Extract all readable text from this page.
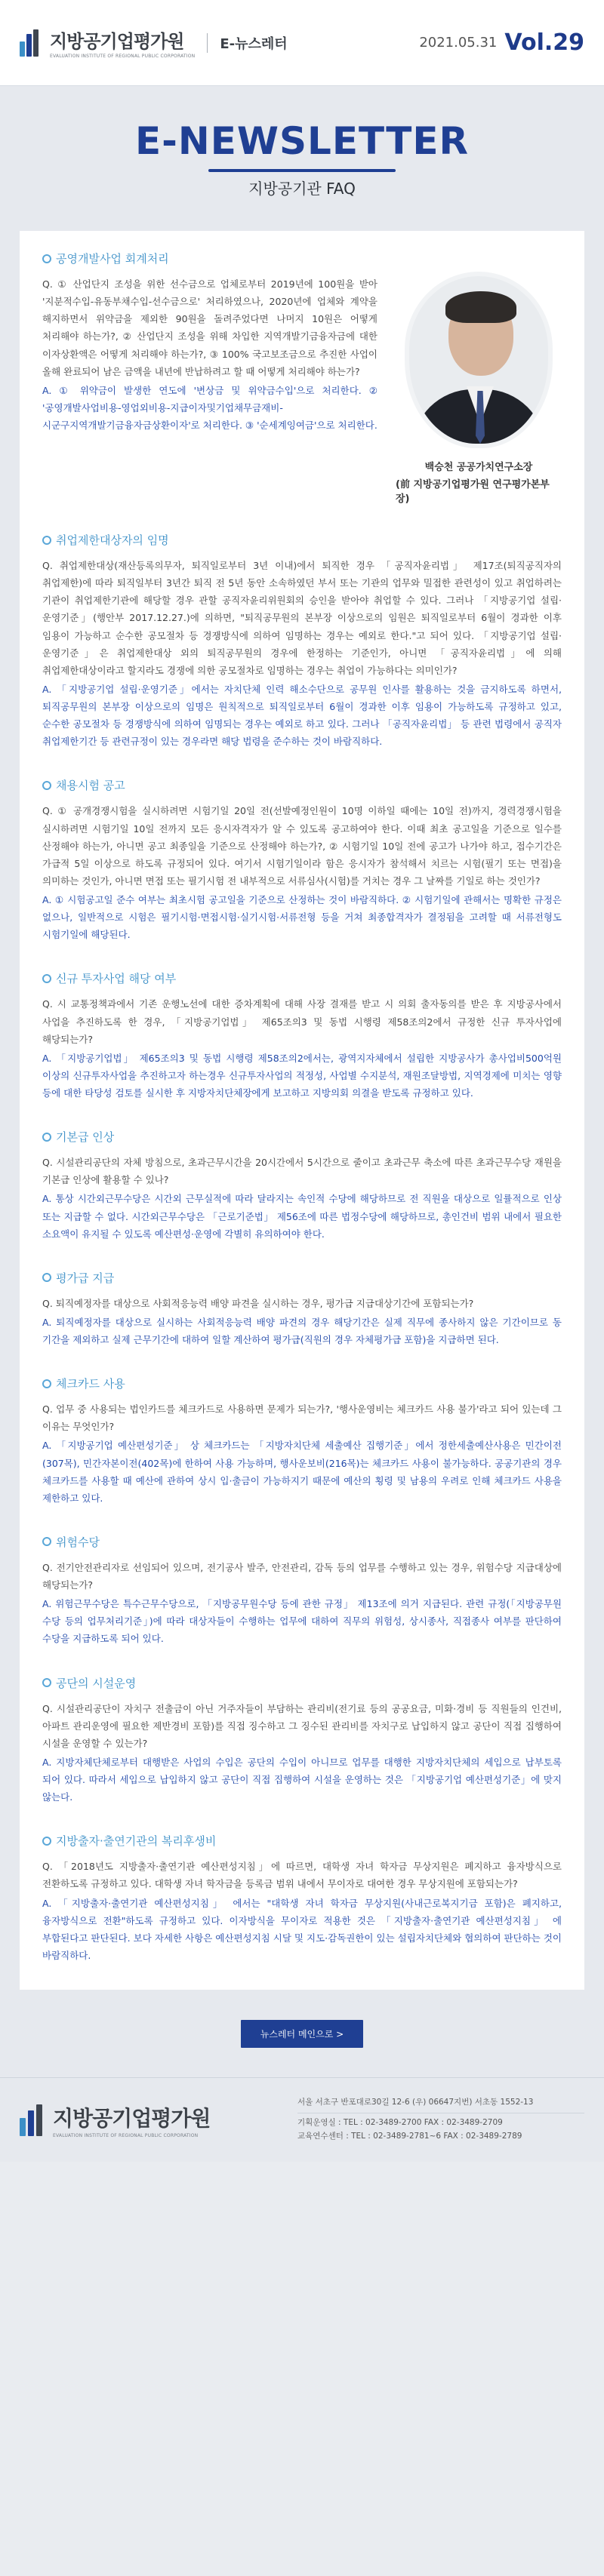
지방공기업평가원
EVALUATION INSTITUTE OF REGIONAL PUBLIC CORPORATION
E-뉴스레터	2021.05.31 Vol.29
E-NEWSLETTER
지방공기관 FAQ
공영개발사업 회계처리

Q. ① 산업단지 조성을 위한 선수금으로 업체로부터 2019년에 100원을 받아 '지분적수입-유동부채수입-선수금으로' 처리하였으나, 2020년에 업체와 계약을 해지하면서 위약금을 제외한 90원을 돌려주었다면 나머지 10원은 어떻게 처리해야 하는가?, ② 산업단지 조성을 위해 차입한 지역개발기금융자금에 대한 이자상환액은 어떻게 처리해야 하는가?, ③ 100% 국고보조금으로 추진한 사업이 올해 완료되어 남은 금액을 내년에 반납하려고 할 때 어떻게 처리해야 하는가?

A. ① 위약금이 발생한 연도에 '변상금 및 위약금수입'으로 처리한다. ② '공영개발사업비용-영업외비용-지급이자및기업채무금재비-시군구지역개발기금융자금상환이자'로 처리한다. ③ '순세계잉여금'으로 처리한다.

백승천 공공가치연구소장
(前 지방공기업평가원 연구평가본부장)
취업제한대상자의 임명

Q. 취업제한대상(재산등록의무자, 퇴직일로부터 3년 이내)에서 퇴직한 경우 「공직자윤리법」 제17조(퇴직공직자의 취업제한)에 따라 퇴직일부터 3년간 퇴직 전 5년 동안 소속하였던 부서 또는 기관의 업무와 밀접한 관련성이 있고 취업하려는 기관이 취업제한기관에 해당할 경우 관할 공직자윤리위원회의 승인을 받아야 취업할 수 있다. 그러나 「지방공기업 설립·운영기준」(행안부 2017.12.27.)에 의하면, "퇴직공무원의 본부장 이상으로의 임원은 퇴직일로부터 6월이 경과한 이후 임용이 가능하고 순수한 공모절차 등 경쟁방식에 의하여 임명하는 경우는 예외로 한다."고 되어 있다. 「지방공기업 설립·운영기준」은 취업제한대상 외의 퇴직공무원의 경우에 한정하는 기준인가, 아니면 「공직자윤리법」에 의해 취업제한대상이라고 할지라도 경쟁에 의한 공모절차로 임명하는 경우는 취업이 가능하다는 의미인가?

A. 「지방공기업 설립·운영기준」에서는 자치단체 인력 해소수단으로 공무원 인사를 활용하는 것을 금지하도록 하면서, 퇴직공무원의 본부장 이상으로의 임명은 원칙적으로 퇴직일로부터 6월이 경과한 이후 임용이 가능하도록 규정하고 있고, 순수한 공모절차 등 경쟁방식에 의하여 임명되는 경우는 예외로 하고 있다. 그러나 「공직자윤리법」 등 관련 법령에서 공직자 취업제한기간 등 관련규정이 있는 경우라면 해당 법령을 준수하는 것이 바람직하다.

채용시험 공고

Q. ① 공개경쟁시험을 실시하려면 시험기일 20일 전(선발예정인원이 10명 이하일 때에는 10일 전)까지, 경력경쟁시험을 실시하려면 시험기일 10일 전까지 모든 응시자격자가 알 수 있도록 공고하여야 한다. 이때 최초 공고일을 기준으로 일수를 산정해야 하는가, 아니면 공고 최종일을 기준으로 산정해야 하는가?, ② 시험기일 10일 전에 공고가 나가야 하고, 접수기간은 가급적 5일 이상으로 하도록 규정되어 있다. 여기서 시험기일이라 함은 응시자가 참석해서 치르는 시험(필기 또는 면접)을 의미하는 것인가, 아니면 면접 또는 필기시험 전 내부적으로 서류심사(시험)를 거치는 경우 그 날짜를 기일로 하는 것인가?

A. ① 시험공고일 준수 여부는 최초시험 공고일을 기준으로 산정하는 것이 바람직하다. ② 시험기일에 관해서는 명확한 규정은 없으나, 일반적으로 시험은 필기시험·면접시험·실기시험·서류전형 등을 거쳐 최종합격자가 결정됨을 고려할 때 서류전형도 시험기일에 해당된다.

신규 투자사업 해당 여부

Q. 시 교통정책과에서 기존 운행노선에 대한 증차계획에 대해 사장 결재를 받고 시 의회 출자동의를 받은 후 지방공사에서 사업을 추진하도록 한 경우, 「지방공기업법」 제65조의3 및 동법 시행령 제58조의2에서 규정한 신규 투자사업에 해당되는가?

A. 「지방공기업법」 제65조의3 및 동법 시행령 제58조의2에서는, 광역지자체에서 설립한 지방공사가 총사업비500억원 이상의 신규투자사업을 추진하고자 하는경우 신규투자사업의 적정성, 사업별 수지분석, 재원조달방법, 지역경제에 미치는 영향 등에 대한 타당성 검토를 실시한 후 지방자치단체장에게 보고하고 지방의회 의결을 받도록 규정하고 있다.

기본급 인상

Q. 시설관리공단의 자체 방침으로, 초과근무시간을 20시간에서 5시간으로 줄이고 초과근무 축소에 따른 초과근무수당 재원을 기본급 인상에 활용할 수 있나?

A. 통상 시간외근무수당은 시간외 근무실적에 따라 달라지는 속인적 수당에 해당하므로 전 직원을 대상으로 일률적으로 인상 또는 지급할 수 없다. 시간외근무수당은 「근로기준법」 제56조에 따른 법정수당에 해당하므로, 총인건비 범위 내에서 필요한 소요액이 유지될 수 있도록 예산편성·운영에 각별히 유의하여야 한다.

평가급 지급

Q. 퇴직예정자를 대상으로 사회적응능력 배양 파견을 실시하는 경우, 평가급 지급대상기간에 포함되는가?

A. 퇴직예정자를 대상으로 실시하는 사회적응능력 배양 파견의 경우 해당기간은 실제 직무에 종사하지 않은 기간이므로 동 기간을 제외하고 실제 근무기간에 대하여 일할 계산하여 평가급(직원의 경우 자체평가급 포함)을 지급하면 된다.

체크카드 사용

Q. 업무 중 사용되는 법인카드를 체크카드로 사용하면 문제가 되는가?, '행사운영비는 체크카드 사용 불가'라고 되어 있는데 그 이유는 무엇인가?

A. 「지방공기업 예산편성기준」 상 체크카드는 「지방자치단체 세출예산 집행기준」에서 정한세출예산사용은 민간이전(307목), 민간자본이전(402목)에 한하여 사용 가능하며, 행사운보비(216목)는 체크카드 사용이 불가능하다. 공공기관의 경우 체크카드를 사용할 때 예산에 관하여 상시 입·출금이 가능하지기 때문에 예산의 횡령 및 남용의 우려로 인해 체크카드 사용을 제한하고 있다.

위험수당

Q. 전기안전관리자로 선임되어 있으며, 전기공사 발주, 안전관리, 감독 등의 업무를 수행하고 있는 경우, 위험수당 지급대상에 해당되는가?

A. 위험근무수당은 특수근무수당으로, 「지방공무원수당 등에 관한 규정」 제13조에 의거 지급된다. 관련 규정(「지방공무원 수당 등의 업무처리기준」)에 따라 대상자들이 수행하는 업무에 대하여 직무의 위험성, 상시종사, 직접종사 여부를 판단하여 수당을 지급하도록 되어 있다.

공단의 시설운영

Q. 시설관리공단이 자치구 전출금이 아닌 거주자들이 부담하는 관리비(전기료 등의 공공요금, 미화·경비 등 직원들의 인건비, 아파트 관리운영에 필요한 제반경비 포함)를 직접 징수하고 그 징수된 관리비를 자치구로 납입하지 않고 공단이 직접 집행하여 시설을 운영할 수 있는가?

A. 지방자체단체로부터 대행받은 사업의 수입은 공단의 수입이 아니므로 업무를 대행한 지방자치단체의 세입으로 납부토록 되어 있다. 따라서 세입으로 납입하지 않고 공단이 직접 집행하여 시설을 운영하는 것은 「지방공기업 예산편성기준」에 맞지 않는다.

지방출자·출연기관의 복리후생비

Q. 「2018년도 지방출자·출연기관 예산편성지침」에 따르면, 대학생 자녀 학자금 무상지원은 폐지하고 융자방식으로 전환하도록 규정하고 있다. 대학생 자녀 학자금을 등록금 범위 내에서 무이자로 대여한 경우 무상지원에 포함되는가?

A. 「지방출자·출연기관 예산편성지침」 에서는 "대학생 자녀 학자금 무상지원(사내근로복지기금 포함)은 폐지하고, 융자방식으로 전환"하도록 규정하고 있다. 이자방식을 무이자로 적용한 것은 「지방출자·출연기관 예산편성지침」 에 부합된다고 판단된다. 보다 자세한 사항은 예산편성지침 시달 및 지도·감독권한이 있는 설립자치단체와 협의하여 판단하는 것이 바람직하다.

뉴스레터 메인으로 >
지방공기업평가원
EVALUATION INSTITUTE OF REGIONAL PUBLIC CORPORATION
서울 서초구 반포대로30길 12-6 (우) 06647지번) 서초동 1552-13
기획운영실 : TEL : 02-3489-2700 FAX : 02-3489-2709
교육연수센터 : TEL : 02-3489-2781~6 FAX : 02-3489-2789
